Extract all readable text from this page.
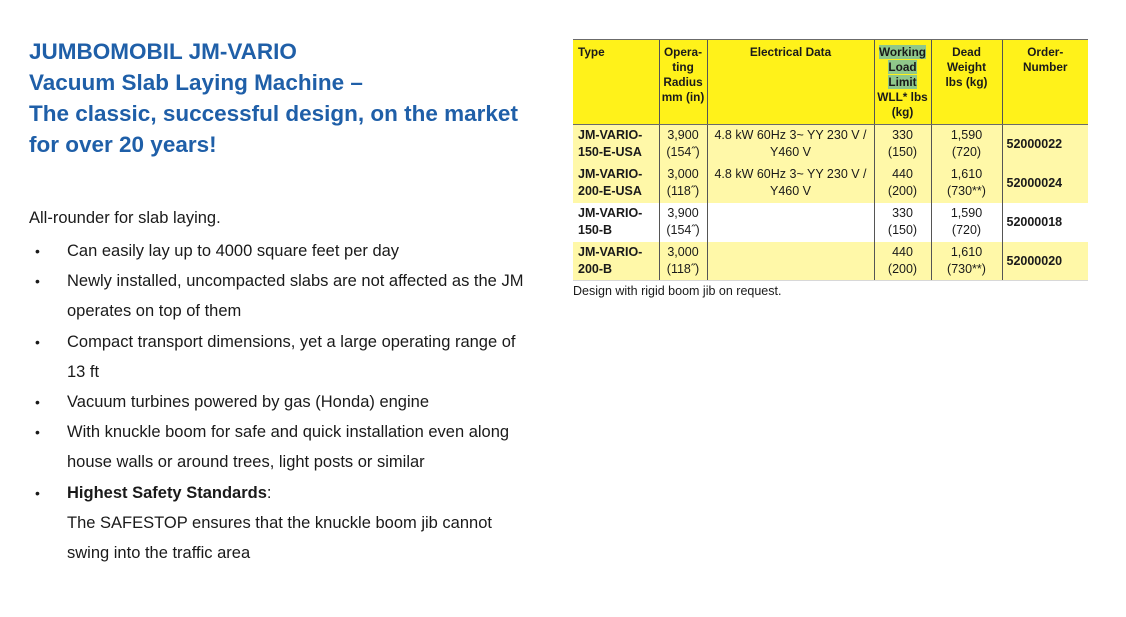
JUMBOMOBIL JM-VARIO
Vacuum Slab Laying Machine –
The classic, successful design, on the market
for over 20 years!
All-rounder for slab laying.
• Can easily lay up to 4000 square feet per day
• Newly installed, uncompacted slabs are not affected as the JM
operates on top of them
• Compact transport dimensions, yet a large operating range of
13 ft
• Vacuum turbines powered by gas (Honda) engine
• With knuckle boom for safe and quick installation even along
house walls or around trees, light posts or similar
• Highest Safety Standards:
The SAFESTOP ensures that the knuckle boom jib cannot
swing into the traffic area
Type	Opera-
ting
Radius
mm (in)	Electrical Data	Working
Load Limit
WLL* lbs
(kg)	Dead
Weight
lbs (kg)	Order-
Number
JM-VARIO-
150-E-USA	3,900
(154˝)	4.8 kW 60Hz 3~ YY 230 V /
Y460 V	330
(150)	1,590
(720)	52000022
JM-VARIO-
200-E-USA	3,000
(118˝)	4.8 kW 60Hz 3~ YY 230 V /
Y460 V	440
(200)	1,610
(730**)	52000024
JM-VARIO-
150-B	3,900
(154˝)		330
(150)	1,590
(720)	52000018
JM-VARIO-
200-B	3,000
(118˝)		440
(200)	1,610
(730**)	52000020
Design with rigid boom jib on request.
